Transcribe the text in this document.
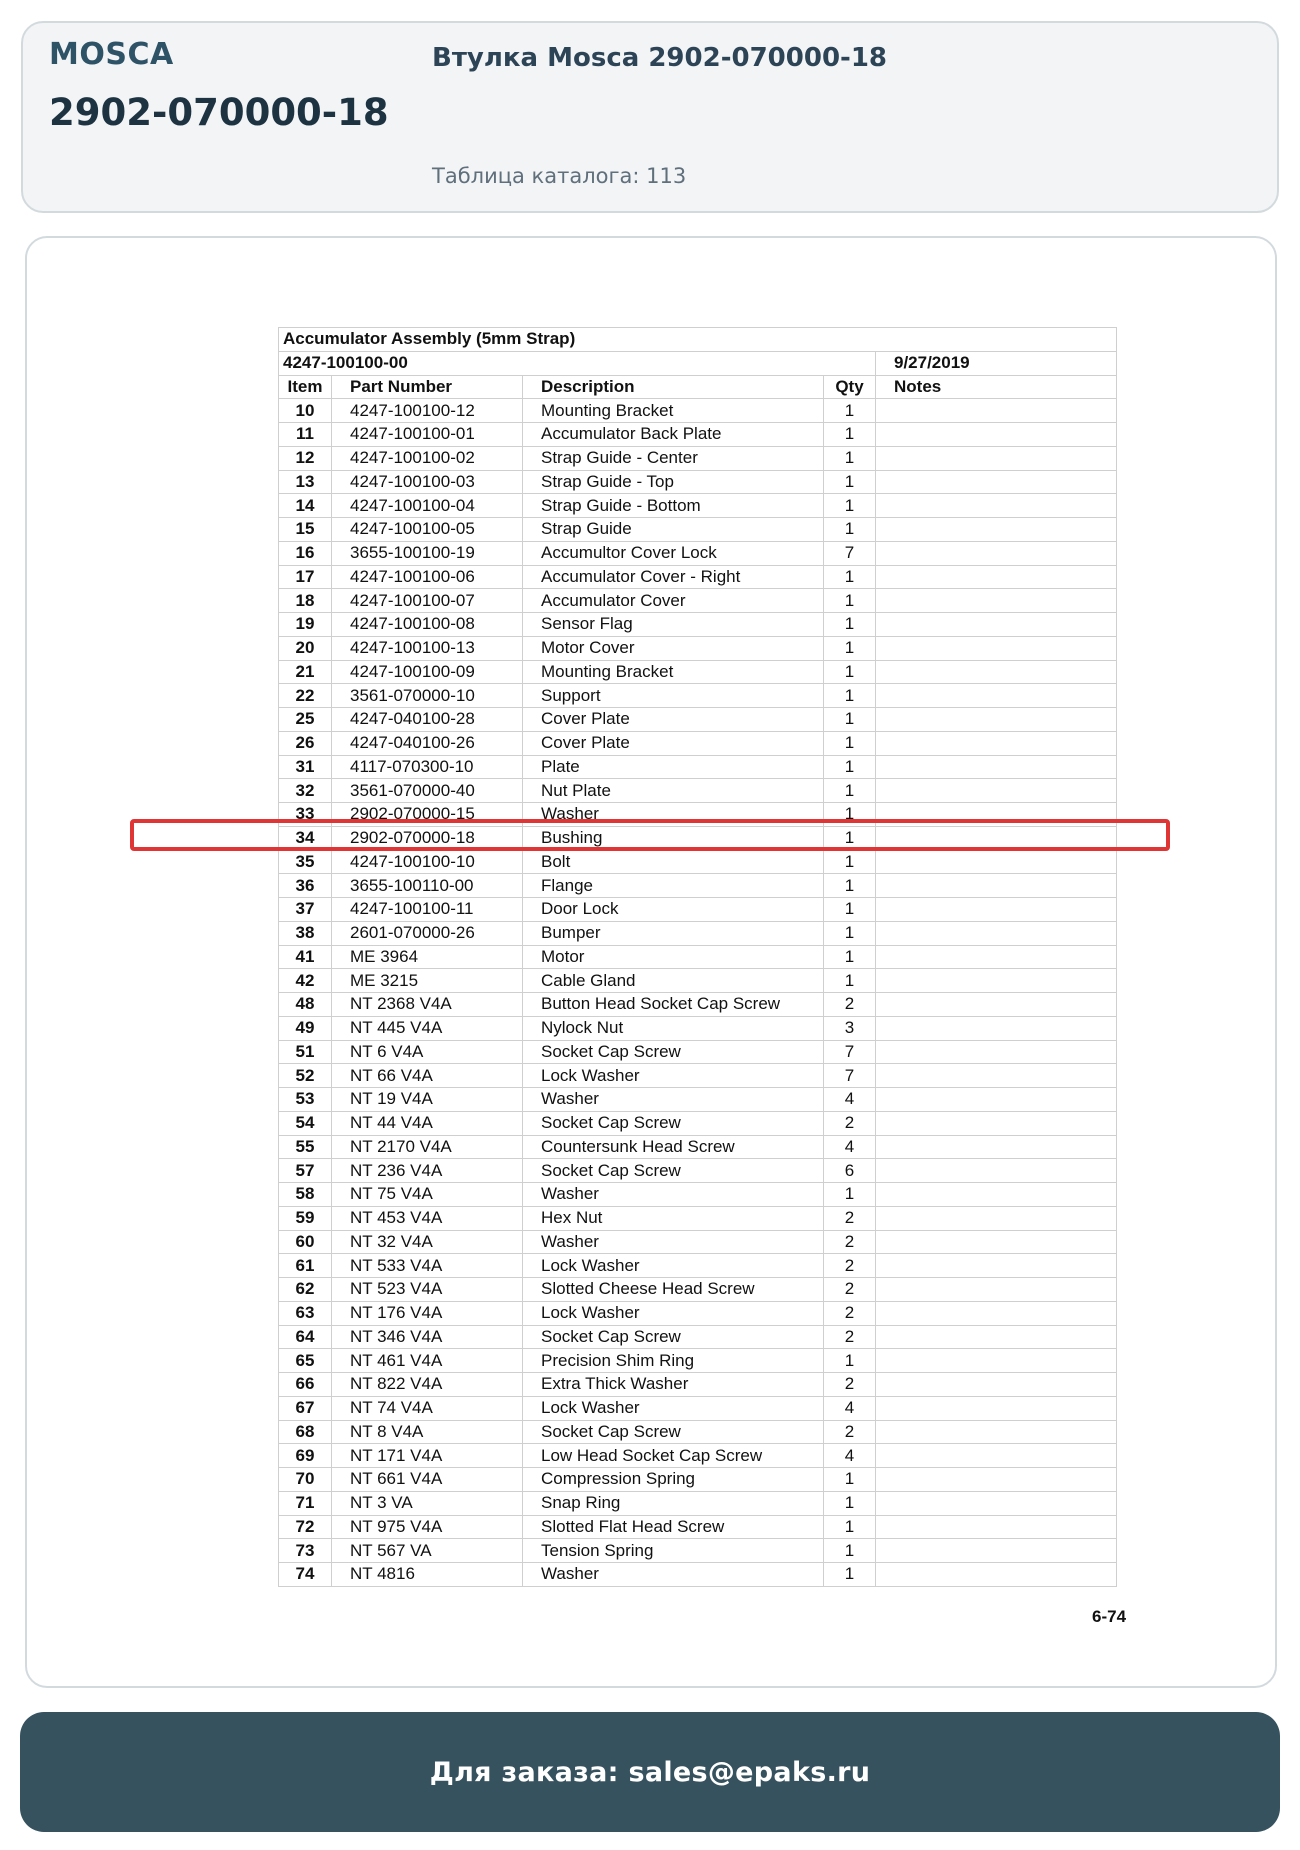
MOSCA
2902-070000-18
Втулка Mosca 2902-070000-18
Таблица каталога: 113
Accumulator Assembly (5mm Strap)				
4247-100100-00				9/27/2019
Item	Part Number	Description	Qty	Notes
10	4247-100100-12	Mounting Bracket	1	
11	4247-100100-01	Accumulator Back Plate	1	
12	4247-100100-02	Strap Guide - Center	1	
13	4247-100100-03	Strap Guide - Top	1	
14	4247-100100-04	Strap Guide - Bottom	1	
15	4247-100100-05	Strap Guide	1	
16	3655-100100-19	Accumultor Cover Lock	7	
17	4247-100100-06	Accumulator Cover - Right	1	
18	4247-100100-07	Accumulator Cover	1	
19	4247-100100-08	Sensor Flag	1	
20	4247-100100-13	Motor Cover	1	
21	4247-100100-09	Mounting Bracket	1	
22	3561-070000-10	Support	1	
25	4247-040100-28	Cover Plate	1	
26	4247-040100-26	Cover Plate	1	
31	4117-070300-10	Plate	1	
32	3561-070000-40	Nut Plate	1	
33	2902-070000-15	Washer	1	
34	2902-070000-18	Bushing	1	
35	4247-100100-10	Bolt	1	
36	3655-100110-00	Flange	1	
37	4247-100100-11	Door Lock	1	
38	2601-070000-26	Bumper	1	
41	ME 3964	Motor	1	
42	ME 3215	Cable Gland	1	
48	NT 2368 V4A	Button Head Socket Cap Screw	2	
49	NT 445 V4A	Nylock Nut	3	
51	NT 6 V4A	Socket Cap Screw	7	
52	NT 66 V4A	Lock Washer	7	
53	NT 19 V4A	Washer	4	
54	NT 44 V4A	Socket Cap Screw	2	
55	NT 2170 V4A	Countersunk Head Screw	4	
57	NT 236 V4A	Socket Cap Screw	6	
58	NT 75 V4A	Washer	1	
59	NT 453 V4A	Hex Nut	2	
60	NT 32 V4A	Washer	2	
61	NT 533 V4A	Lock Washer	2	
62	NT 523 V4A	Slotted Cheese Head Screw	2	
63	NT 176 V4A	Lock Washer	2	
64	NT 346 V4A	Socket Cap Screw	2	
65	NT 461 V4A	Precision Shim Ring	1	
66	NT 822 V4A	Extra Thick Washer	2	
67	NT 74 V4A	Lock Washer	4	
68	NT 8 V4A	Socket Cap Screw	2	
69	NT 171 V4A	Low Head Socket Cap Screw	4	
70	NT 661 V4A	Compression Spring	1	
71	NT 3 VA	Snap Ring	1	
72	NT 975 V4A	Slotted Flat Head Screw	1	
73	NT 567 VA	Tension Spring	1	
74	NT 4816	Washer	1	
6-74
Для заказа: sales@epaks.ru
